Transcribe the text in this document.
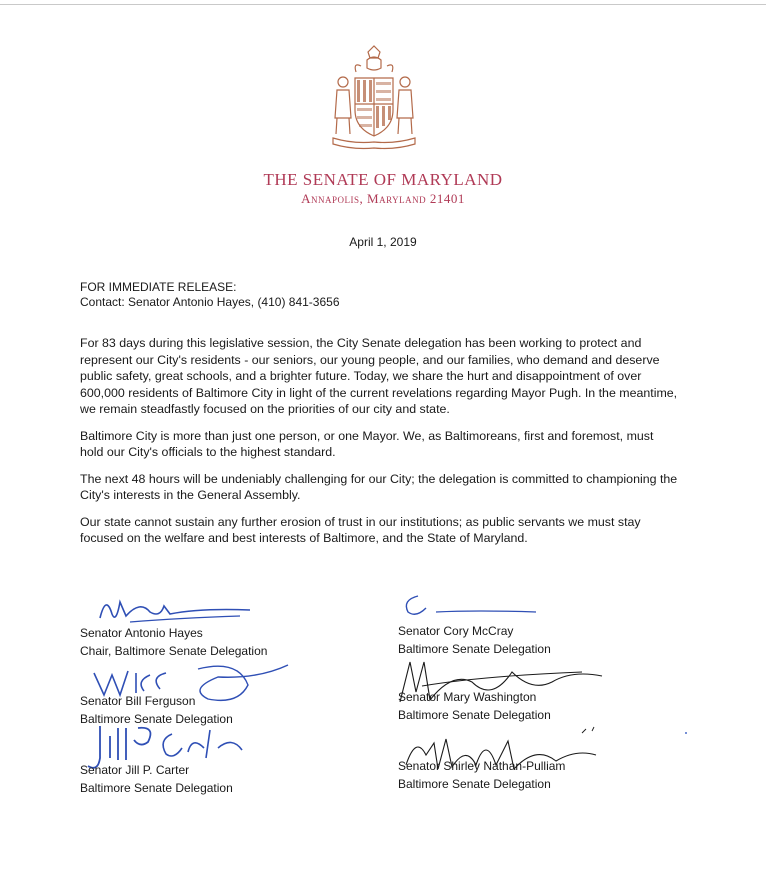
THE SENATE OF MARYLAND
Annapolis, Maryland 21401
April 1, 2019
FOR IMMEDIATE RELEASE:
Contact: Senator Antonio Hayes, (410) 841-3656

For 83 days during this legislative session, the City Senate delegation has been working to protect and represent our City's residents - our seniors, our young people, and our families, who demand and deserve public safety, great schools, and a brighter future. Today, we share the hurt and disappointment of over 600,000 residents of Baltimore City in light of the current revelations regarding Mayor Pugh. In the meantime, we remain steadfastly focused on the priorities of our city and state.

Baltimore City is more than just one person, or one Mayor. We, as Baltimoreans, first and foremost, must hold our City's officials to the highest standard.

The next 48 hours will be undeniably challenging for our City; the delegation is committed to championing the City's interests in the General Assembly.

Our state cannot sustain any further erosion of trust in our institutions; as public servants we must stay focused on the welfare and best interests of Baltimore, and the State of Maryland.

Senator Antonio Hayes
Chair, Baltimore Senate Delegation
Senator Cory McCray
Baltimore Senate Delegation
Senator Bill Ferguson
Baltimore Senate Delegation
Senator Mary Washington
Baltimore Senate Delegation
Senator Jill P. Carter
Baltimore Senate Delegation
Senator Shirley Nathan-Pulliam
Baltimore Senate Delegation
